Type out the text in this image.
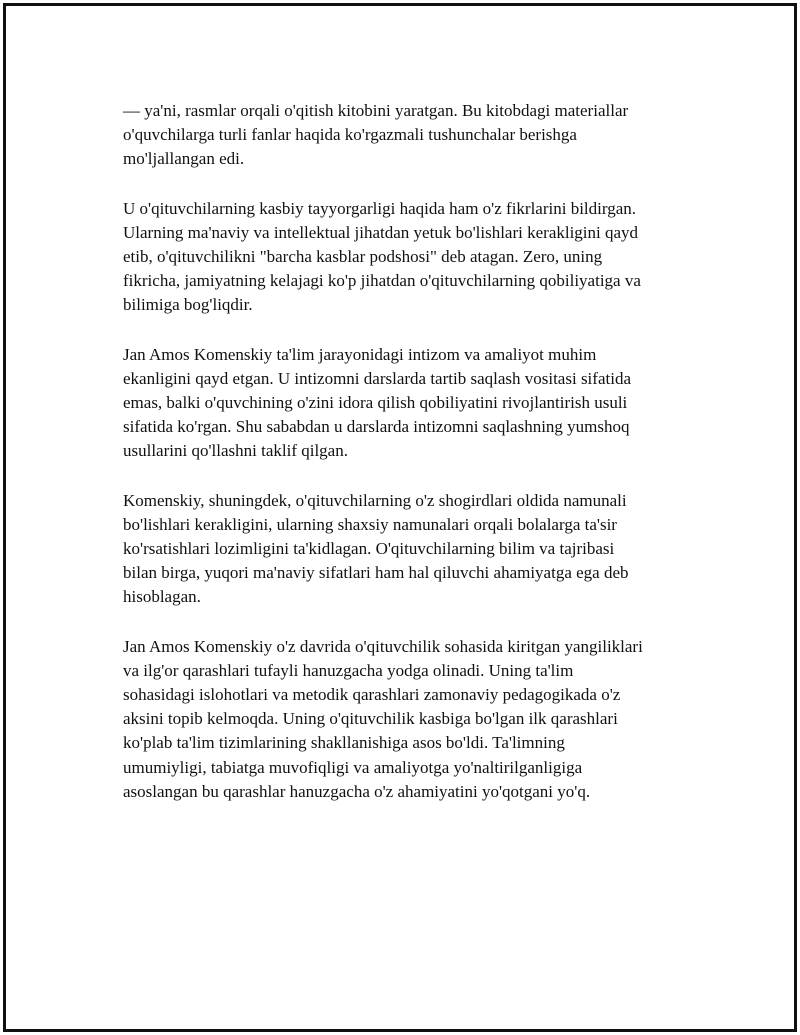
— ya'ni, rasmlar orqali o'qitish kitobini yaratgan. Bu kitobdagi materiallar
o'quvchilarga turli fanlar haqida ko'rgazmali tushunchalar berishga
mo'ljallangan edi.

U o'qituvchilarning kasbiy tayyorgarligi haqida ham o'z fikrlarini bildirgan.
Ularning ma'naviy va intellektual jihatdan yetuk bo'lishlari kerakligini qayd
etib, o'qituvchilikni "barcha kasblar podshosi" deb atagan. Zero, uning
fikricha, jamiyatning kelajagi ko'p jihatdan o'qituvchilarning qobiliyatiga va
bilimiga bog'liqdir.

Jan Amos Komenskiy ta'lim jarayonidagi intizom va amaliyot muhim
ekanligini qayd etgan. U intizomni darslarda tartib saqlash vositasi sifatida
emas, balki o'quvchining o'zini idora qilish qobiliyatini rivojlantirish usuli
sifatida ko'rgan. Shu sababdan u darslarda intizomni saqlashning yumshoq
usullarini qo'llashni taklif qilgan.

Komenskiy, shuningdek, o'qituvchilarning o'z shogirdlari oldida namunali
bo'lishlari kerakligini, ularning shaxsiy namunalari orqali bolalarga ta'sir
ko'rsatishlari lozimligini ta'kidlagan. O'qituvchilarning bilim va tajribasi
bilan birga, yuqori ma'naviy sifatlari ham hal qiluvchi ahamiyatga ega deb
hisoblagan.

Jan Amos Komenskiy o'z davrida o'qituvchilik sohasida kiritgan yangiliklari
va ilg'or qarashlari tufayli hanuzgacha yodga olinadi. Uning ta'lim
sohasidagi islohotlari va metodik qarashlari zamonaviy pedagogikada o'z
aksini topib kelmoqda. Uning o'qituvchilik kasbiga bo'lgan ilk qarashlari
ko'plab ta'lim tizimlarining shakllanishiga asos bo'ldi. Ta'limning
umumiyligi, tabiatga muvofiqligi va amaliyotga yo'naltirilganligiga
asoslangan bu qarashlar hanuzgacha o'z ahamiyatini yo'qotgani yo'q.
